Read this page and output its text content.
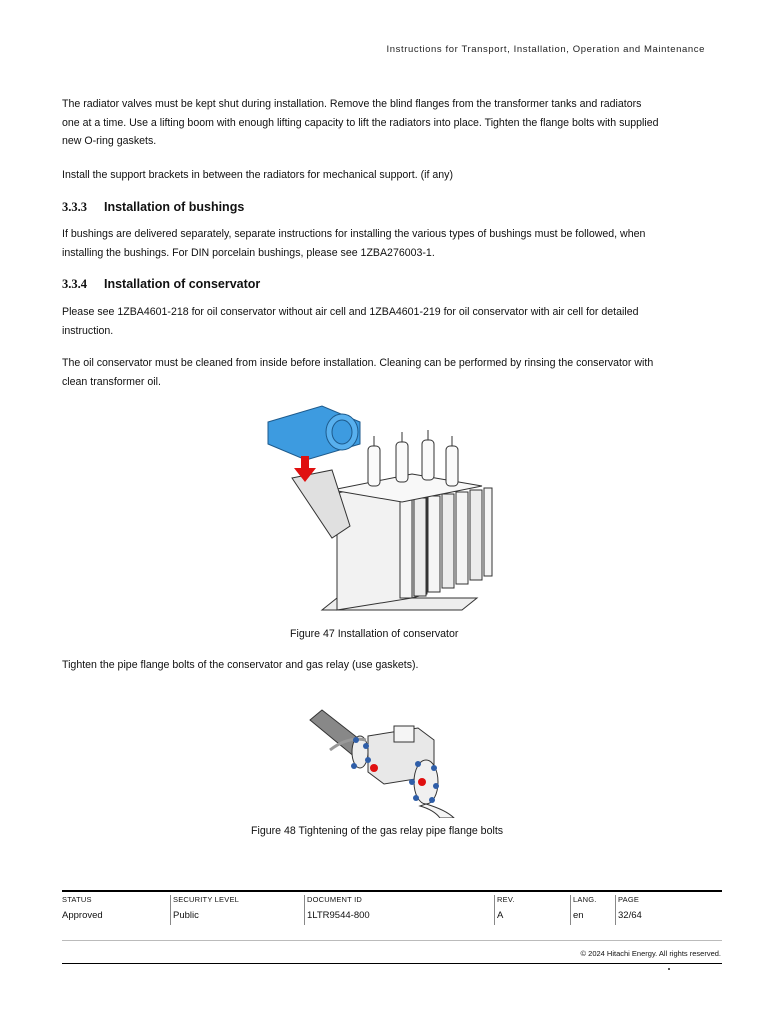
Instructions for Transport, Installation, Operation and Maintenance

The radiator valves must be kept shut during installation. Remove the blind flanges from the transformer tanks and radiators one at a time. Use a lifting boom with enough lifting capacity to lift the radiators into place. Tighten the flange bolts with supplied new O-ring gaskets.

Install the support brackets in between the radiators for mechanical support. (if any)

3.3.3 Installation of bushings

If bushings are delivered separately, separate instructions for installing the various types of bushings must be followed, when installing the bushings. For DIN porcelain bushings, please see 1ZBA276003-1.

3.3.4 Installation of conservator

Please see 1ZBA4601-218 for oil conservator without air cell and 1ZBA4601-219 for oil conservator with air cell for detailed instruction.

The oil conservator must be cleaned from inside before installation. Cleaning can be performed by rinsing the conservator with clean transformer oil.

Figure 47 Installation of conservator

Tighten the pipe flange bolts of the conservator and gas relay (use gaskets).

Figure 48 Tightening of the gas relay pipe flange bolts
STATUS
Approved
SECURITY LEVEL
Public
DOCUMENT ID
1LTR9544-800
REV.
A
LANG.
en
PAGE
32/64
© 2024 Hitachi Energy. All rights reserved.
